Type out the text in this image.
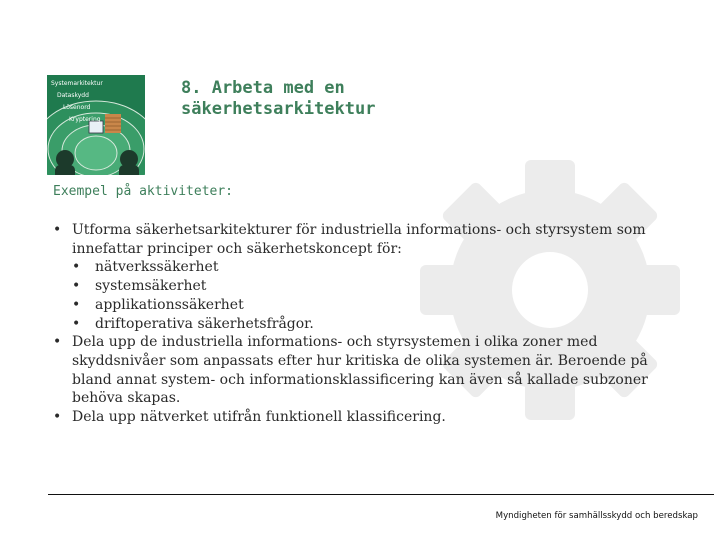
Systemarkitektur Dataskydd Lösenord Kryptering
8. Arbeta med en
säkerhetsarkitektur

Exempel på aktiviteter:

• Utforma säkerhetsarkitekturer för industriella informations- och styrsystem som innefattar principer och säkerhetskoncept för:
• nätverkssäkerhet
• systemsäkerhet
• applikationssäkerhet
• driftoperativa säkerhetsfrågor.
• Dela upp de industriella informations- och styrsystemen i olika zoner med skyddsnivåer som anpassats efter hur kritiska de olika systemen är. Beroende på bland annat system- och informationsklassificering kan även så kallade subzoner behöva skapas.
• Dela upp nätverket utifrån funktionell klassificering.
Myndigheten för samhällsskydd och beredskap
